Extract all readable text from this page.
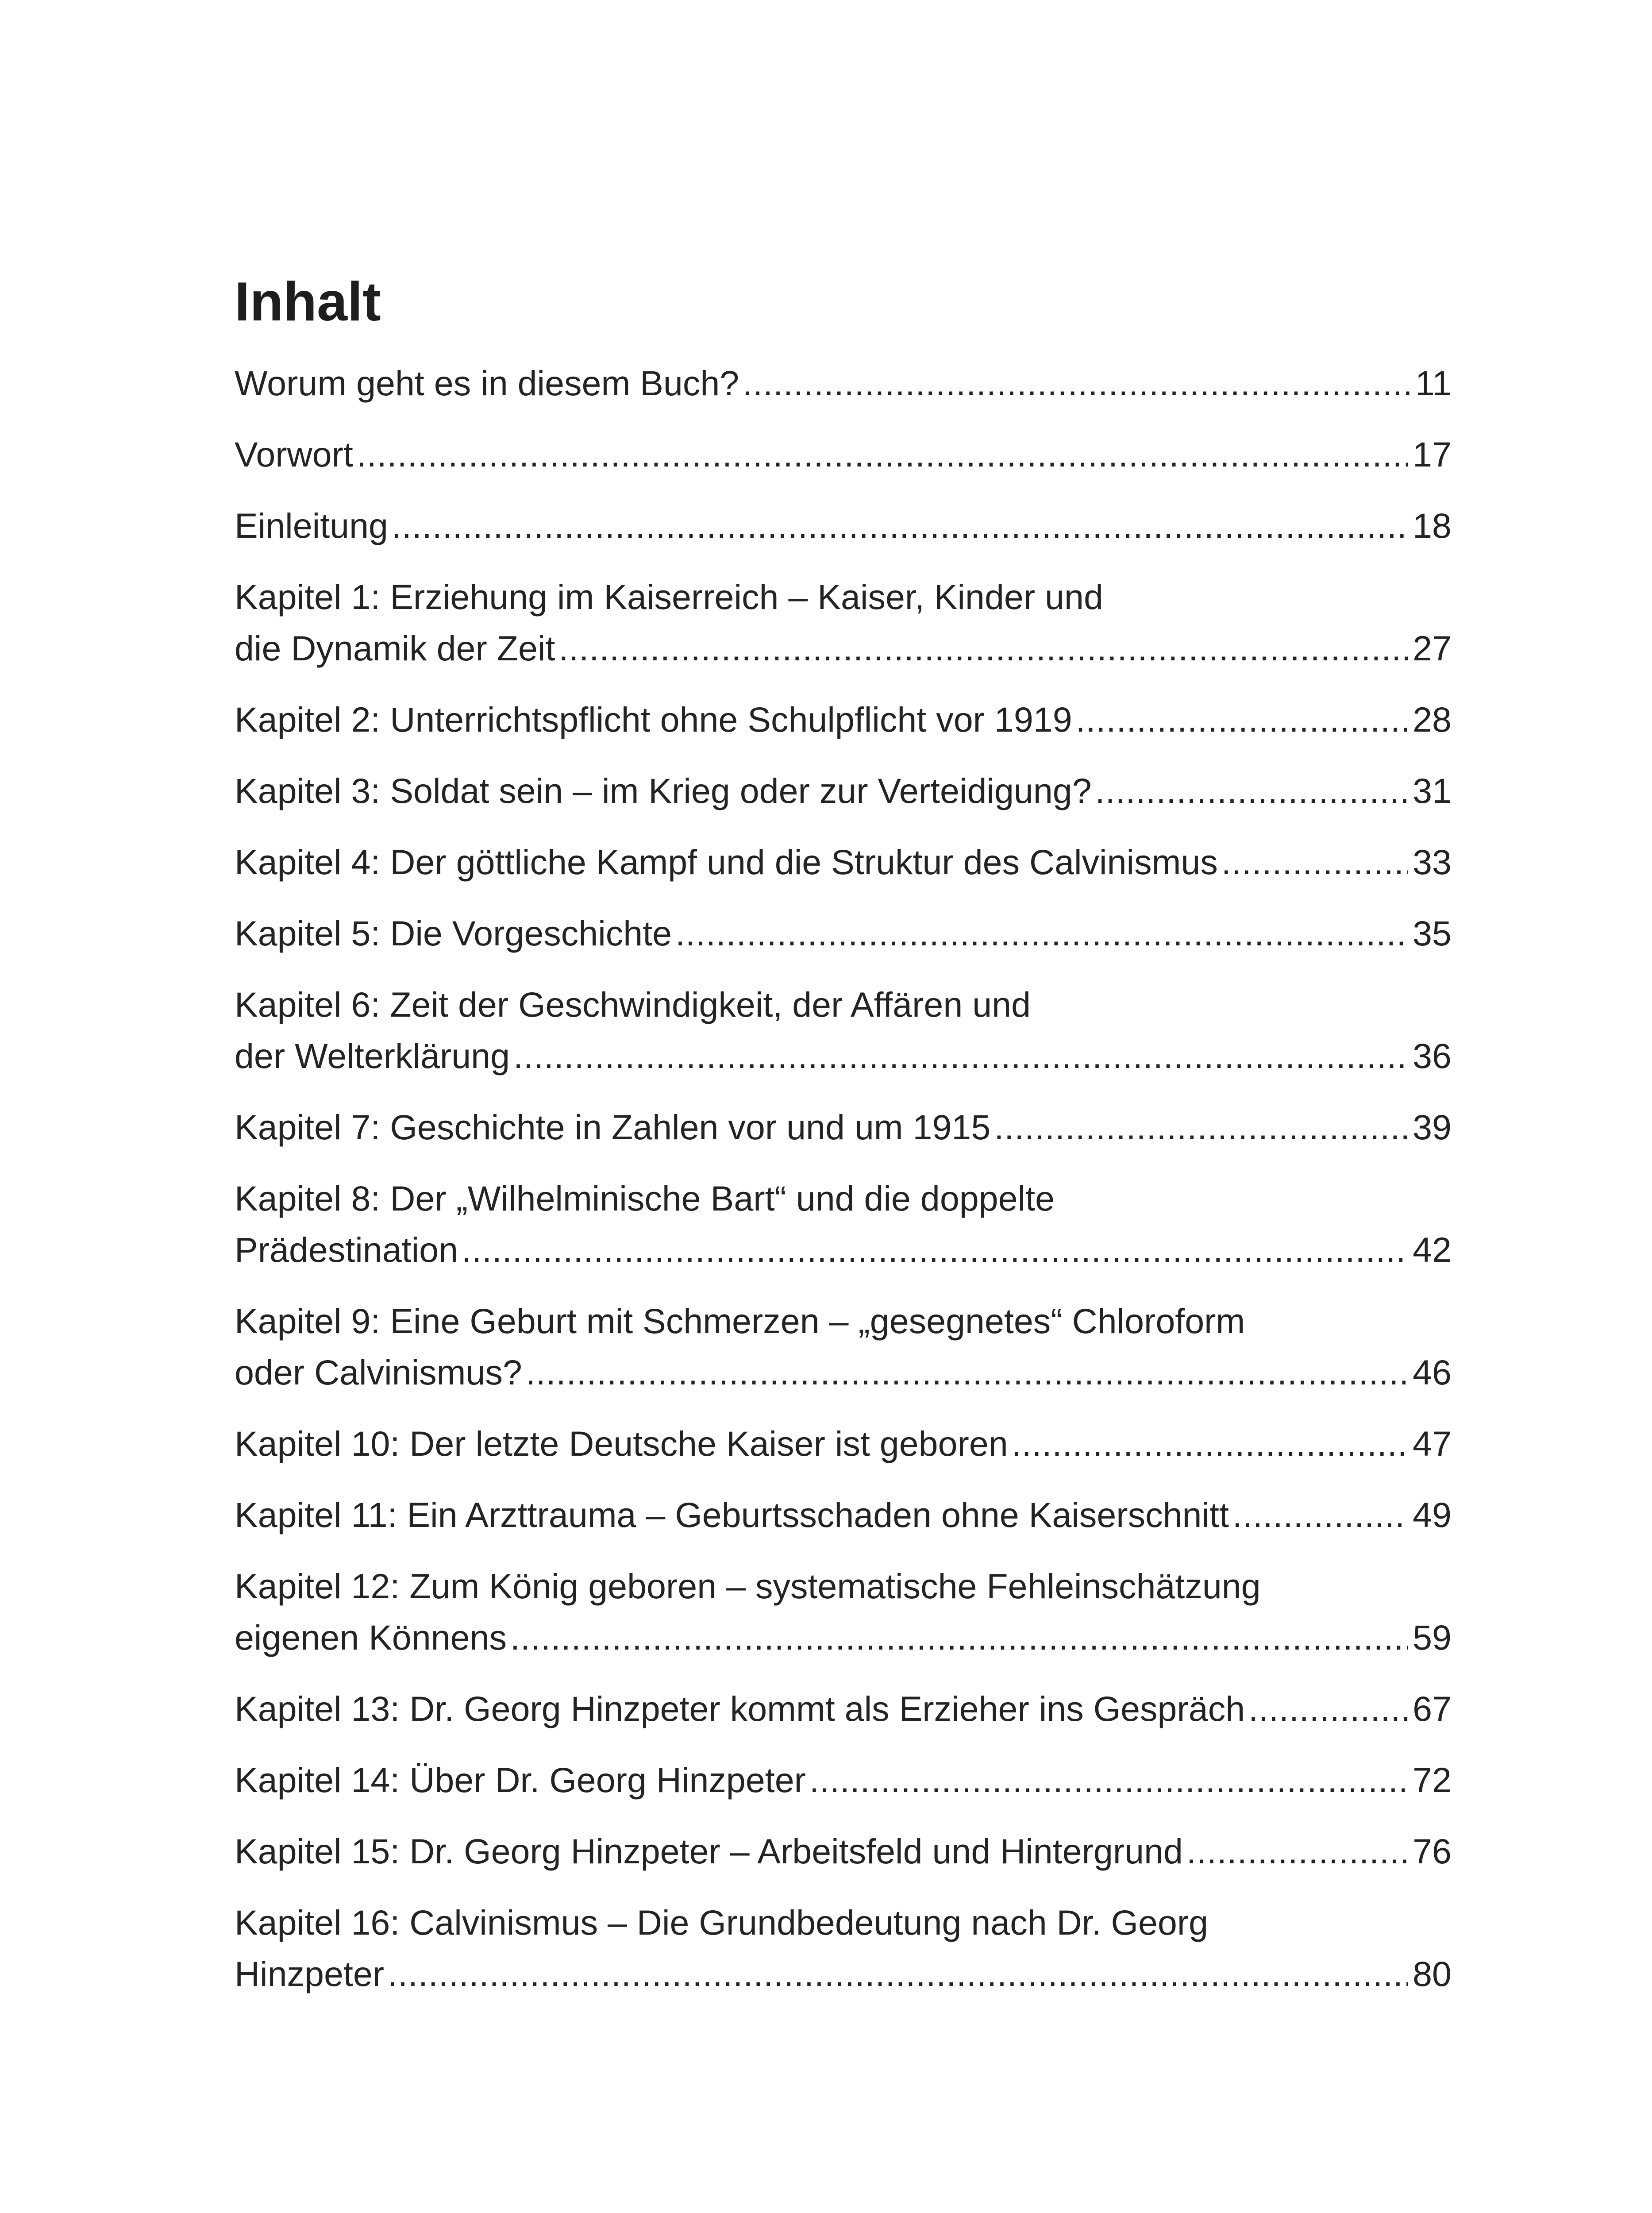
Inhalt
Worum geht es in diesem Buch? .....	11
Vorwort .....	17
Einleitung .....	18
Kapitel 1: Erziehung im Kaiserreich – Kaiser, Kinder und
die Dynamik der Zeit .....	27
Kapitel 2: Unterrichtspflicht ohne Schulpflicht vor 1919 .....	28
Kapitel 3: Soldat sein – im Krieg oder zur Verteidigung? .....	31
Kapitel 4: Der göttliche Kampf und die Struktur des Calvinismus .....	33
Kapitel 5: Die Vorgeschichte .....	35
Kapitel 6: Zeit der Geschwindigkeit, der Affären und
der Welterklärung .....	36
Kapitel 7: Geschichte in Zahlen vor und um 1915 .....	39
Kapitel 8: Der „Wilhelminische Bart“ und die doppelte
Prädestination .....	42
Kapitel 9: Eine Geburt mit Schmerzen – „gesegnetes“ Chloroform
oder Calvinismus? .....	46
Kapitel 10: Der letzte Deutsche Kaiser ist geboren .....	47
Kapitel 11: Ein Arzttrauma – Geburtsschaden ohne Kaiserschnitt .....	49
Kapitel 12: Zum König geboren – systematische Fehleinschätzung
eigenen Könnens .....	59
Kapitel 13: Dr. Georg Hinzpeter kommt als Erzieher ins Gespräch .....	67
Kapitel 14: Über Dr. Georg Hinzpeter .....	72
Kapitel 15: Dr. Georg Hinzpeter – Arbeitsfeld und Hintergrund .....	76
Kapitel 16: Calvinismus – Die Grundbedeutung nach Dr. Georg
Hinzpeter .....	80
